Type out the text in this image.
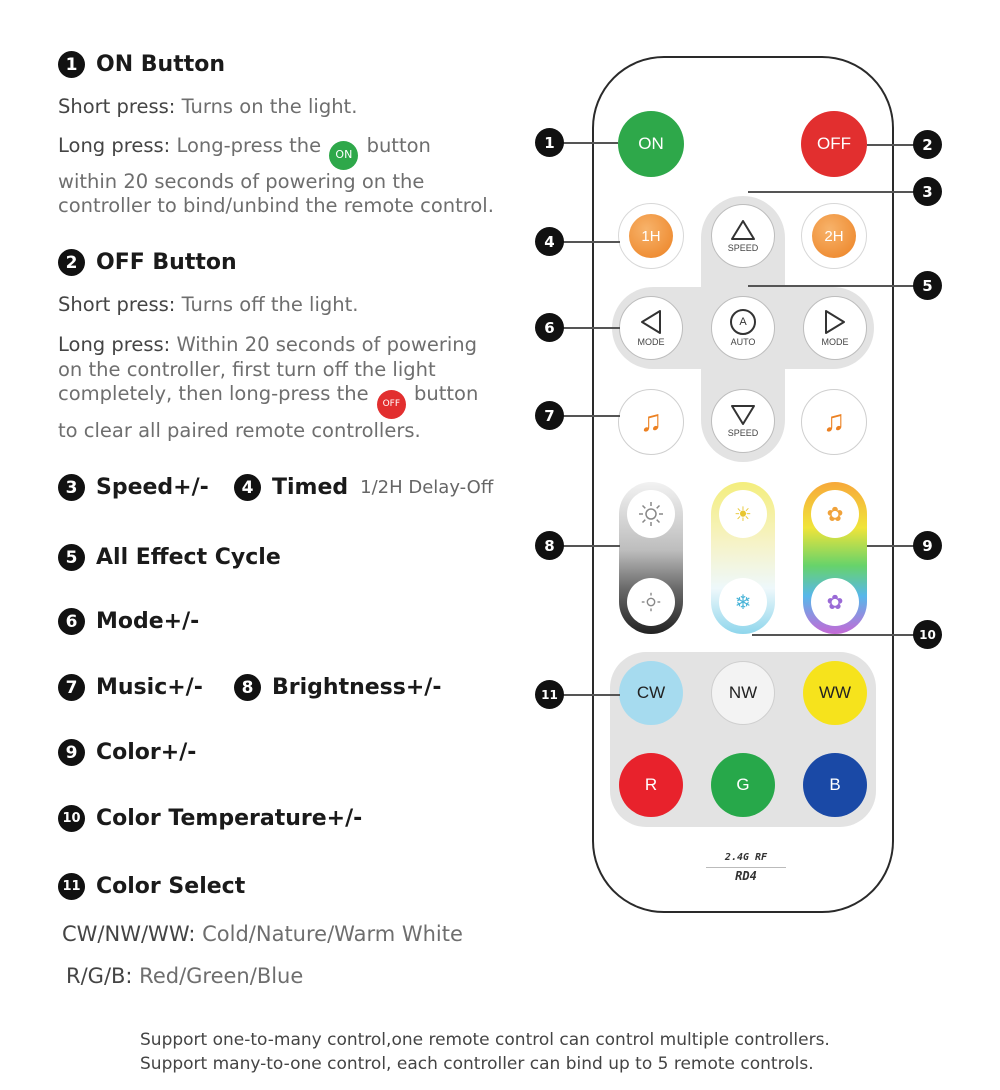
1 ON Button
Short press: Turns on the light.
Long press: Long-press the ON button
within 20 seconds of powering on the
controller to bind/unbind the remote control.
2 OFF Button
Short press: Turns off the light.
Long press: Within 20 seconds of powering
on the controller, first turn off the light
completely, then long-press the OFF button
to clear all paired remote controllers.
3 Speed+/-	4 Timed 1/2H Delay-Off
5 All Effect Cycle
6 Mode+/-
7 Music+/-	8 Brightness+/-
9 Color+/-
10 Color Temperature+/-
11 Color Select
CW/NW/WW: Cold/Nature/Warm White
R/G/B: Red/Green/Blue
Support one-to-many control,one remote control can control multiple controllers.
Support many-to-one control, each controller can bind up to 5 remote controls.
ON	OFF
1H	2H
SPEED
MODE
A
AUTO	MODE
♫	SPEED ♫
☀
❄
✿
✿
CW	NW	WW
R	G	B
2.4G RF
RD4
1	2
3
4
5
6
7
8	9
10
11
